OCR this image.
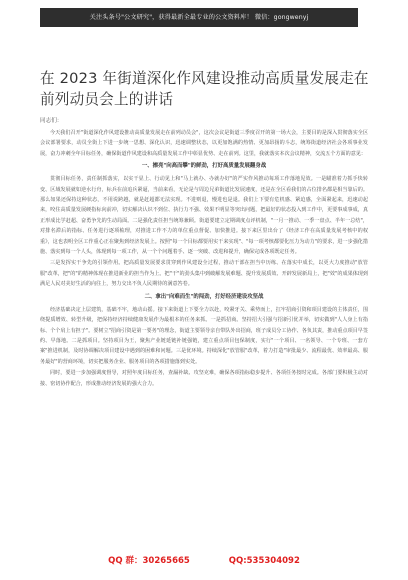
关注头条号"公文研究"，获得最新全最专业的公文资料库！ 微信：gongwenyj
在 2023 年街道深化作风建设推动高质量发展走在前列动员会上的讲话
同志们：

今天我们召开"街道深化作风建设推动高质量发展走在前列动员会"，这次会议是街道三季度召开的第一场大会，主要目的是深入贯彻落实全区会议部署要求，动员全街上下进一步统一思想、深化认识，迅速调整状态，以更加饱满的热情、更加昂扬的斗志，统筹街道经济社会各项事业发展，奋力冲刺全年目标任务，确保街道作风建设和高质量发展工作中彰显优势、走在前列。这里，我就落实本次会议精神，交流五个方面的意见：

一、擦亮"向高而攀"的鲜劲，打好高质量发展翻身战

贯彻目标任务，责任制抓落实，以实干显上、行动见上和"马上就办、办就办好"的严实作风推动每项工作落地见效。一是瞄准着力抓手快转变、区域发展就如逆水行舟，标兵在前追兵紧逼，当前来看，无论是与周边兄弟街道比发展速度，还是在全区看我们的占位排名都是相当靠后的。那么如果还保持这种状态，不用说跨越，就是赶超都无法实现。不进则退，慢进也是退。我们上下要有危机感、紧迫感，全面紧起来，迅速动起来，咬住高质量发展硬指标向前冲，切实解决认识不到位、执行力不强、效果不明显等突出问题，把最好的状态投入到工作中，更要事成事成，真正形成比学赶超、奋勇争先的生动局面。二是强化责任担当统筹兼顾。街道要建立定期调度点评机制，"一月一推动、一季一盘点、半年一总结"，对排名滞后的指标、任务进行逐项梳理，对推进工作不力的单位重点督促、加快推进。接下来区里出台了《经济工作在高质量发展考核中的权重》，这也表明全区工作重心正在聚焦到经济发展上。按照"每一个目标都要用实干来实现"、"每一项考核都要化压力为动力"的要求，进一步强化措施、落实到每一个人头，体现到每一项工作，从一个个问题着手、逐一突破、改进和提升，确保完成各项既定任务。

三是发挥实干争先的引领作用。把高质量发展要求贯穿到作风建设全过程，推动干部在担当中历练、在落实中成长，以更大力度推动"放管服"改革，把"的"的精神体现在推进新业的担当作为上。把"干"的劲头集中到破解发展难题、提升发展质效、开辟发展新局上，把"效"的成果体现到满足人民对美好生活的向往上，努力交出不负人民期待的满意答卷。

二、拿出"向难而生"的闯劲，打好经济建设攻坚战

经济基础决定上层建筑，基础不牢，地动山摇。接下来街道上下要全力以赴，咬紧牙关、乘势而上，扛牢招商引资和项目建设的主体责任，围绕提质增效、转型升级，把保持经济持续健康发展作为最根本的任务来抓。一是抓招商。坚持招大引强与招新引优并举，切实做到"人人身上有指标、个个肩上有担子"。要树立"招商引资是第一要务"的理念，街道主要领导亲自带队外出招商，班子成员分工协作、各负其责，推动重点项目早签约、早落地。二是抓项目。坚持项目为王，聚焦产业链延链补链强链，建立重点项目包保制度，实行"一个项目、一名领导、一个专班、一套方案"推进机制，及时协调解决项目建设中遇到的困难和问题。三是优环境。持续深化"放管服"改革，着力打造"审批最少、流程最优、效率最高、服务最好"的营商环境，切实把服务企业、服务项目的各项措施落到实处。

同时，要进一步加强调度督导，对照年度目标任务，查漏补缺、攻坚克难，确保各项指标稳步提升、各项任务按时完成。各部门要积极主动对接、密切协作配合，形成推动经济发展的强大合力。

QQ 群：30265665	QQ:535304092
